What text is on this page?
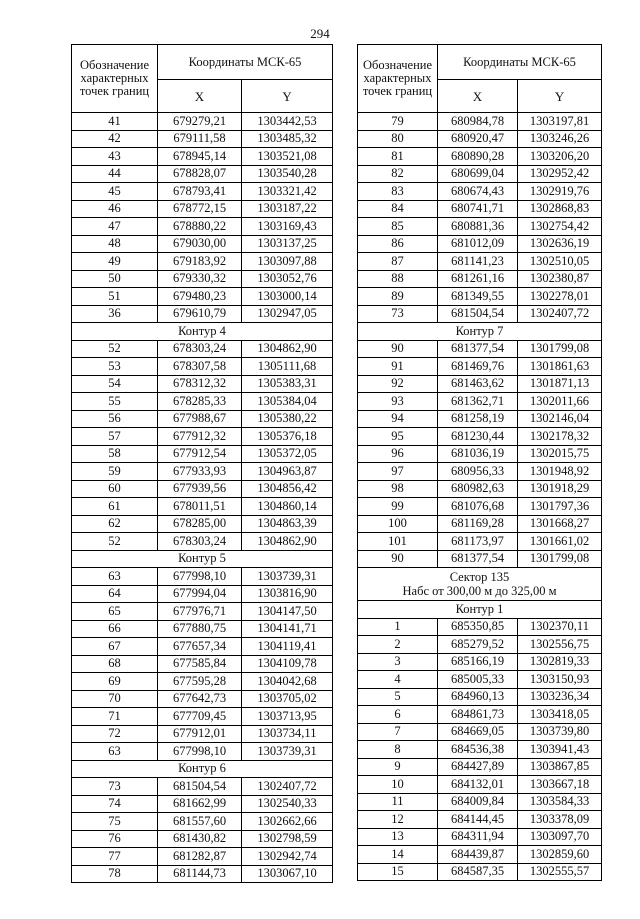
294
Обозначение характерных точек границ	Координаты МСК-65	
	X	Y
41	679279,21	1303442,53
42	679111,58	1303485,32
43	678945,14	1303521,08
44	678828,07	1303540,28
45	678793,41	1303321,42
46	678772,15	1303187,22
47	678880,22	1303169,43
48	679030,00	1303137,25
49	679183,92	1303097,88
50	679330,32	1303052,76
51	679480,23	1303000,14
36	679610,79	1302947,05

Контур 4		

52	678303,24	1304862,90
53	678307,58	1305111,68
54	678312,32	1305383,31
55	678285,33	1305384,04
56	677988,67	1305380,22
57	677912,32	1305376,18
58	677912,54	1305372,05
59	677933,93	1304963,87
60	677939,56	1304856,42
61	678011,51	1304860,14
62	678285,00	1304863,39
52	678303,24	1304862,90

Контур 5		

63	677998,10	1303739,31
64	677994,04	1303816,90
65	677976,71	1304147,50
66	677880,75	1304141,71
67	677657,34	1304119,41
68	677585,84	1304109,78
69	677595,28	1304042,68
70	677642,73	1303705,02
71	677709,45	1303713,95
72	677912,01	1303734,11
63	677998,10	1303739,31

Контур 6		

73	681504,54	1302407,72
74	681662,99	1302540,33
75	681557,60	1302662,66
76	681430,82	1302798,59
77	681282,87	1302942,74
78	681144,73	1303067,10
Обозначение характерных точек границ	Координаты МСК-65	
	X	Y
79	680984,78	1303197,81
80	680920,47	1303246,26
81	680890,28	1303206,20
82	680699,04	1302952,42
83	680674,43	1302919,76
84	680741,71	1302868,83
85	680881,36	1302754,42
86	681012,09	1302636,19
87	681141,23	1302510,05
88	681261,16	1302380,87
89	681349,55	1302278,01
73	681504,54	1302407,72

Контур 7		

90	681377,54	1301799,08
91	681469,76	1301861,63
92	681463,62	1301871,13
93	681362,71	1302011,66
94	681258,19	1302146,04
95	681230,44	1302178,32
96	681036,19	1302015,75
97	680956,33	1301948,92
98	680982,63	1301918,29
99	681076,68	1301797,36
100	681169,28	1301668,27
101	681173,97	1301661,02
90	681377,54	1301799,08

Сектор 135
Набс от 300,00 м до 325,00 м		

Контур 1		

1	685350,85	1302370,11
2	685279,52	1302556,75
3	685166,19	1302819,33
4	685005,33	1303150,93
5	684960,13	1303236,34
6	684861,73	1303418,05
7	684669,05	1303739,80
8	684536,38	1303941,43
9	684427,89	1303867,85
10	684132,01	1303667,18
11	684009,84	1303584,33
12	684144,45	1303378,09
13	684311,94	1303097,70
14	684439,87	1302859,60
15	684587,35	1302555,57
